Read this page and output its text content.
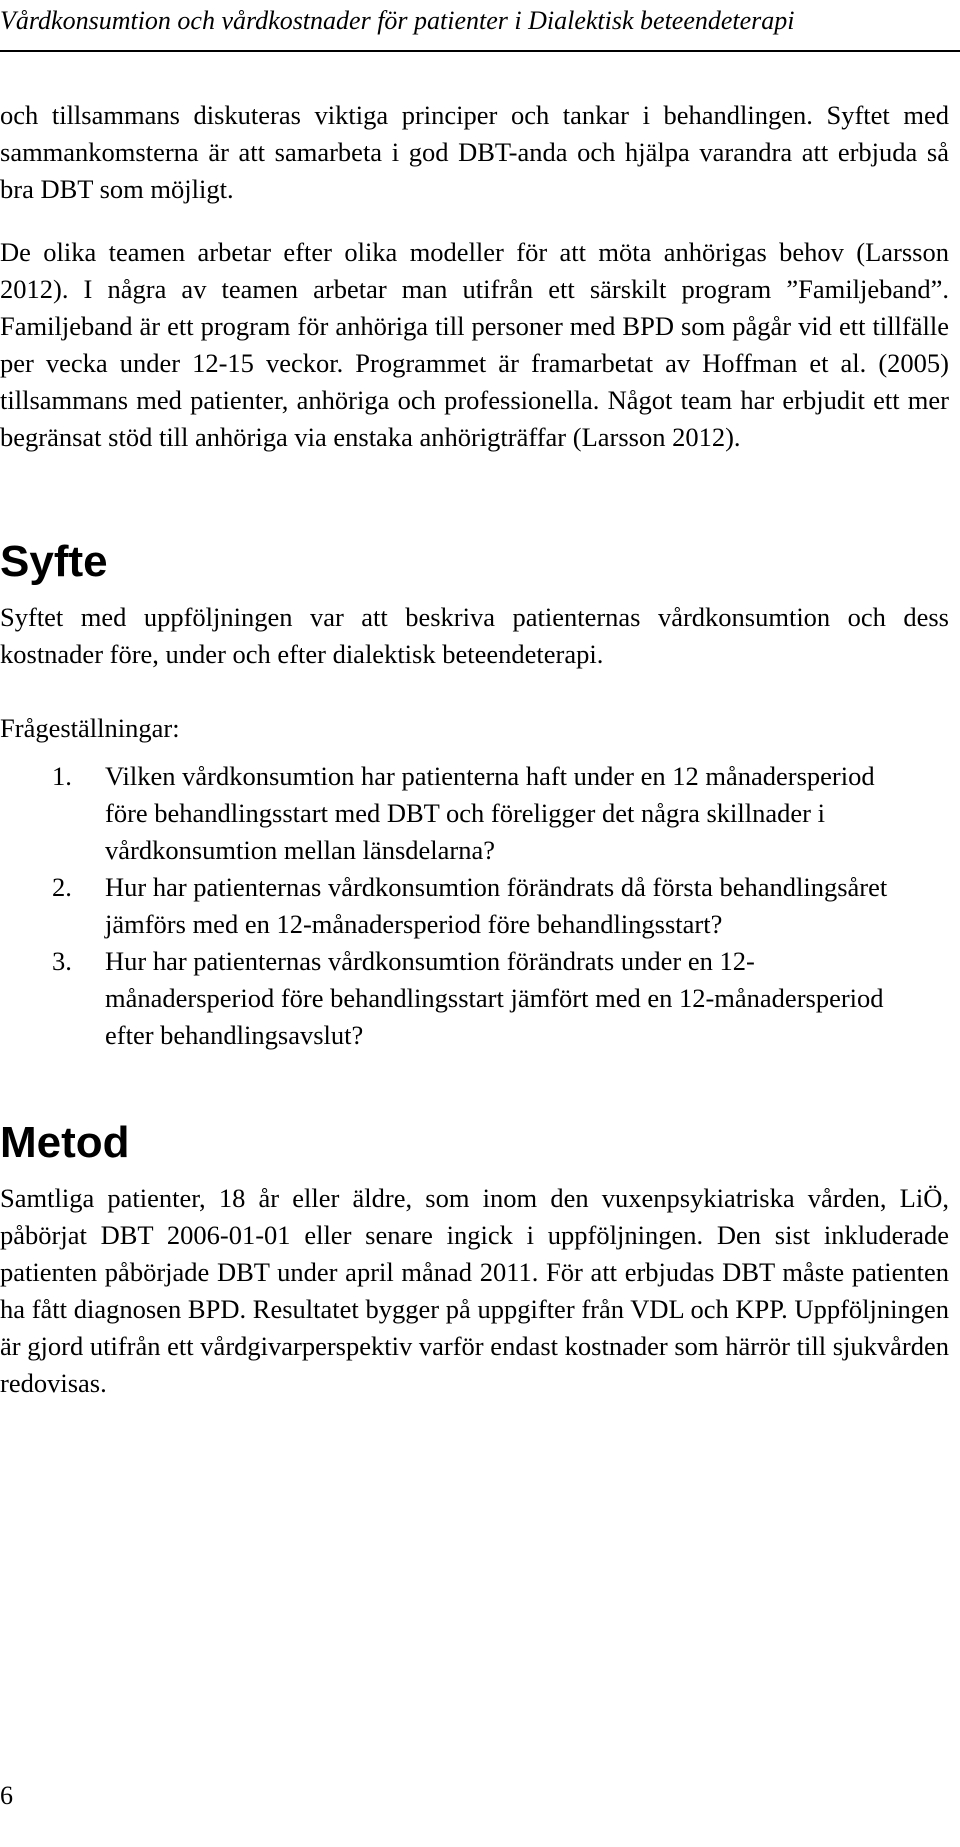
Vårdkonsumtion och vårdkostnader för patienter i Dialektisk beteendeterapi

och tillsammans diskuteras viktiga principer och tankar i behandlingen. Syftet med sammankomsterna är att samarbeta i god DBT-anda och hjälpa varandra att erbjuda så bra DBT som möjligt.

De olika teamen arbetar efter olika modeller för att möta anhörigas behov (Larsson 2012). I några av teamen arbetar man utifrån ett särskilt program ”Familjeband”. Familjeband är ett program för anhöriga till personer med BPD som pågår vid ett tillfälle per vecka under 12-15 veckor. Programmet är framarbetat av Hoffman et al. (2005) tillsammans med patienter, anhöriga och professionella. Något team har erbjudit ett mer begränsat stöd till anhöriga via enstaka anhörigträffar (Larsson 2012).

Syfte

Syftet med uppföljningen var att beskriva patienternas vårdkonsumtion och dess kostnader före, under och efter dialektisk beteendeterapi.

Frågeställningar:
1. Vilken vårdkonsumtion har patienterna haft under en 12 månadersperiod före behandlingsstart med DBT och föreligger det några skillnader i vårdkonsumtion mellan länsdelarna?
2. Hur har patienternas vårdkonsumtion förändrats då första behandlingsåret jämförs med en 12-månadersperiod före behandlingsstart?
3. Hur har patienternas vårdkonsumtion förändrats under en 12-månadersperiod före behandlingsstart jämfört med en 12-månadersperiod efter behandlingsavslut?
Metod

Samtliga patienter, 18 år eller äldre, som inom den vuxenpsykiatriska vården, LiÖ, påbörjat DBT 2006-01-01 eller senare ingick i uppföljningen. Den sist inkluderade patienten påbörjade DBT under april månad 2011. För att erbjudas DBT måste patienten ha fått diagnosen BPD. Resultatet bygger på uppgifter från VDL och KPP. Uppföljningen är gjord utifrån ett vårdgivarperspektiv varför endast kostnader som härrör till sjukvården redovisas.

6
